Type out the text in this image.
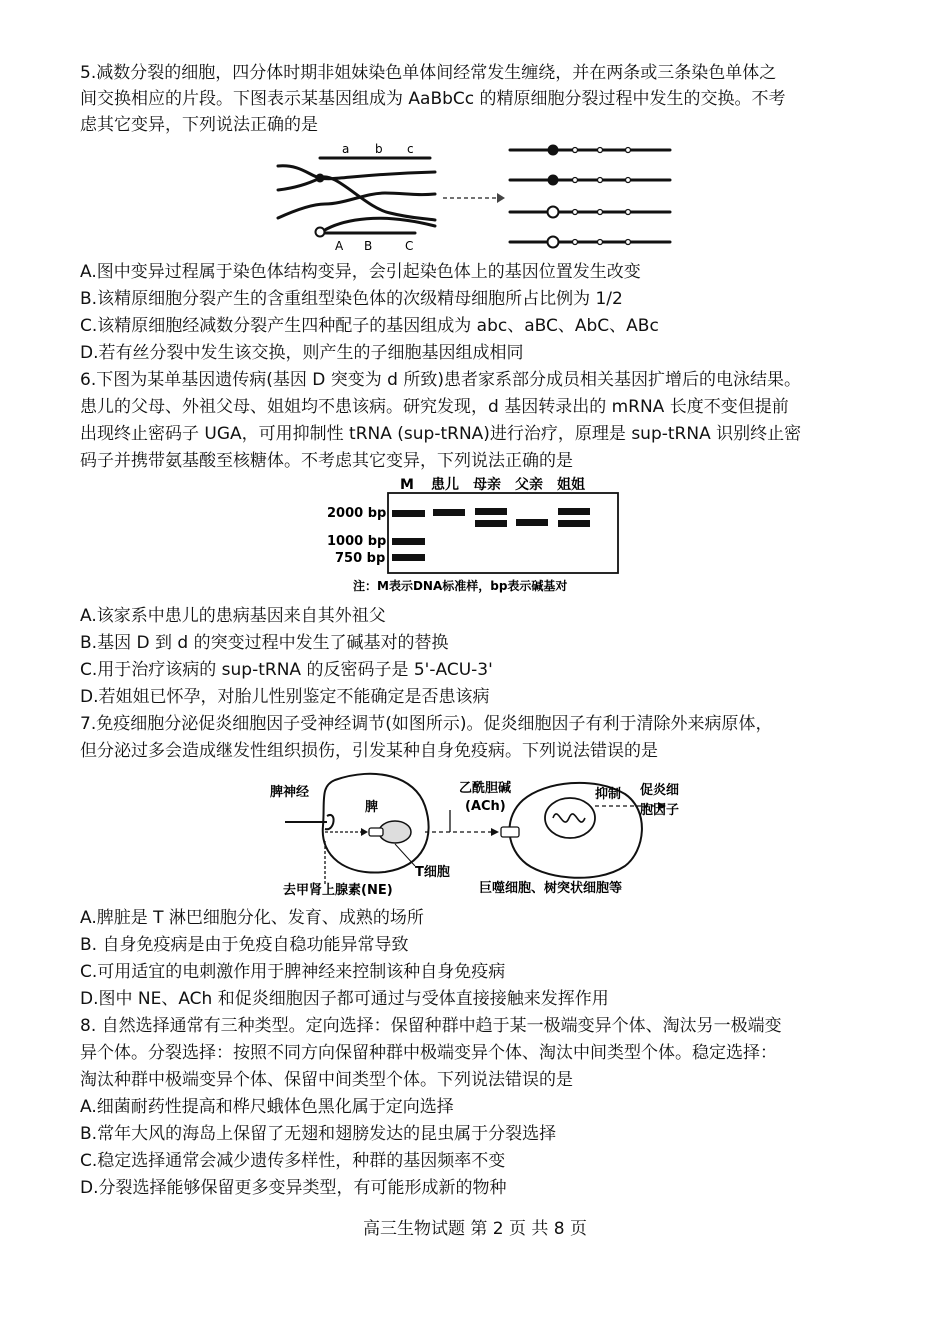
5.减数分裂的细胞，四分体时期非姐妹染色单体间经常发生缠绕，并在两条或三条染色单体之
间交换相应的片段。下图表示某基因组成为 AaBbCc 的精原细胞分裂过程中发生的交换。不考
虑其它变异，下列说法正确的是
a b c
A B	C
A.图中变异过程属于染色体结构变异，会引起染色体上的基因位置发生改变
B.该精原细胞分裂产生的含重组型染色体的次级精母细胞所占比例为 1/2
C.该精原细胞经减数分裂产生四种配子的基因组成为 abc、aBC、AbC、ABc
D.若有丝分裂中发生该交换，则产生的子细胞基因组成相同
6.下图为某单基因遗传病(基因 D 突变为 d 所致)患者家系部分成员相关基因扩增后的电泳结果。
患儿的父母、外祖父母、姐姐均不患该病。研究发现，d 基因转录出的 mRNA 长度不变但提前
出现终止密码子 UGA，可用抑制性 tRNA (sup-tRNA)进行治疗，原理是 sup-tRNA 识别终止密
码子并携带氨基酸至核糖体。不考虑其它变异，下列说法正确的是
M 患儿 母亲 父亲 姐姐
2000 bp
1000 bp
750 bp
注：M表示DNA标准样，bp表示碱基对
A.该家系中患儿的患病基因来自其外祖父
B.基因 D 到 d 的突变过程中发生了碱基对的替换
C.用于治疗该病的 sup-tRNA 的反密码子是 5'-ACU-3'
D.若姐姐已怀孕，对胎儿性别鉴定不能确定是否患该病
7.免疫细胞分泌促炎细胞因子受神经调节(如图所示)。促炎细胞因子有利于清除外来病原体，
但分泌过多会造成继发性组织损伤，引发某种自身免疫病。下列说法错误的是
脾神经
脾
乙酰胆碱
(ACh)
抑制 促炎细
胞因子
T细胞
去甲肾上腺素(NE)	巨噬细胞、树突状细胞等
A.脾脏是 T 淋巴细胞分化、发育、成熟的场所
B. 自身免疫病是由于免疫自稳功能异常导致
C.可用适宜的电刺激作用于脾神经来控制该种自身免疫病
D.图中 NE、ACh 和促炎细胞因子都可通过与受体直接接触来发挥作用
8. 自然选择通常有三种类型。定向选择：保留种群中趋于某一极端变异个体、淘汰另一极端变
异个体。分裂选择：按照不同方向保留种群中极端变异个体、淘汰中间类型个体。稳定选择：
淘汰种群中极端变异个体、保留中间类型个体。下列说法错误的是
A.细菌耐药性提高和桦尺蛾体色黑化属于定向选择
B.常年大风的海岛上保留了无翅和翅膀发达的昆虫属于分裂选择
C.稳定选择通常会减少遗传多样性，种群的基因频率不变
D.分裂选择能够保留更多变异类型，有可能形成新的物种
高三生物试题 第 2 页 共 8 页
